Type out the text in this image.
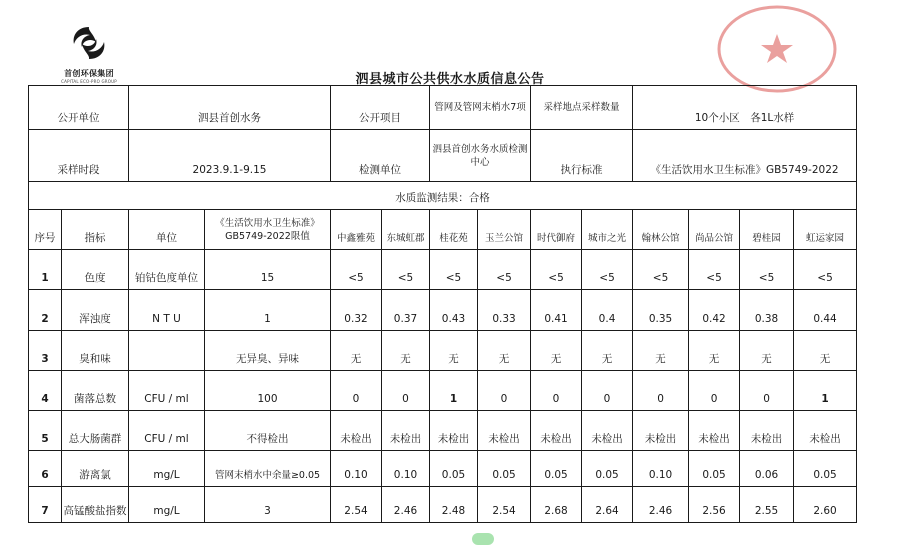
首创环保集团
CAPITAL ECO-PRO GROUP	泗县城市公共供水水质信息公告
公开单位		泗县首创水务		公开项目		管网及管网末梢水7项		采样地点采样数量		10个小区　各1L水样			
采样时段		2023.9.1-9.15		检测单位		泗县首创水务水质检测中心		执行标准		《生活饮用水卫生标准》GB5749-2022			
水质监测结果：合格													
序号	指标	单位	《生活饮用水卫生标准》GB5749-2022限值	中鑫雅苑	东城虹郡	桂花苑	玉兰公馆	时代御府	城市之光	翰林公馆	尚品公馆	碧桂园	虹运家园
1	色度	铂钴色度单位	15	<5	<5	<5	<5	<5	<5	<5	<5	<5	<5
2	浑浊度	N T U	1	0.32	0.37	0.43	0.33	0.41	0.4	0.35	0.42	0.38	0.44
3	臭和味		无异臭、异味	无	无	无	无	无	无	无	无	无	无
4	菌落总数	CFU / ml	100	0	0	1	0	0	0	0	0	0	1
5	总大肠菌群	CFU / ml	不得检出	未检出	未检出	未检出	未检出	未检出	未检出	未检出	未检出	未检出	未检出
6	游离氯	mg/L	管网末梢水中余量≥0.05	0.10	0.10	0.05	0.05	0.05	0.05	0.10	0.05	0.06	0.05
7	高锰酸盐指数	mg/L	3	2.54	2.46	2.48	2.54	2.68	2.64	2.46	2.56	2.55	2.60
